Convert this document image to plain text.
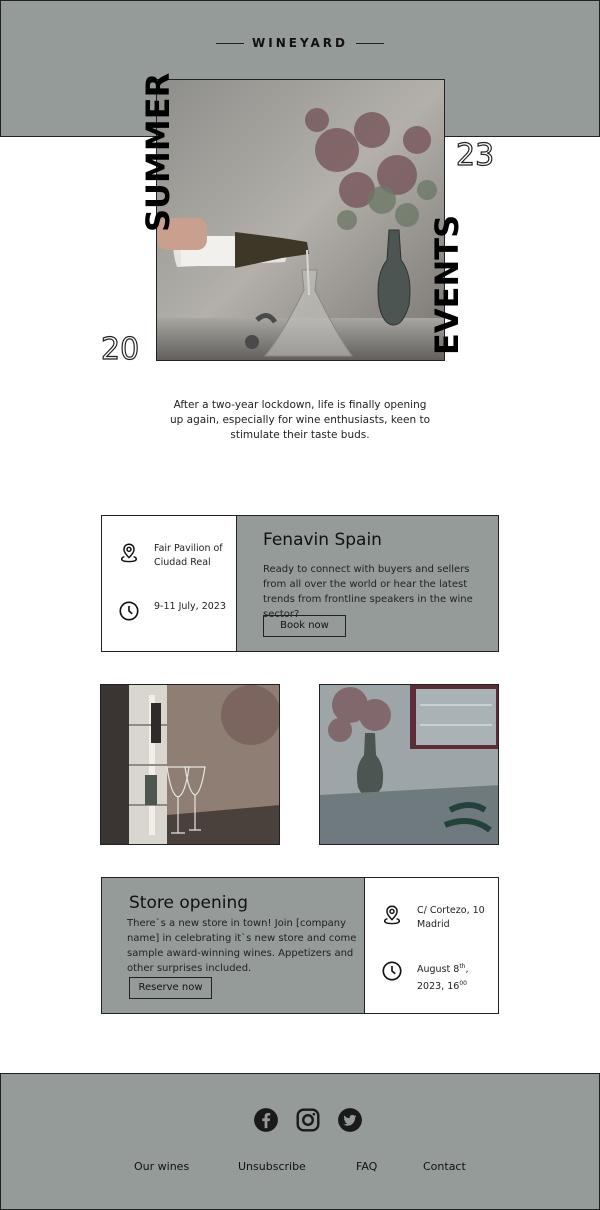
WINEYARD
SUMMER
EVENTS
23
20

After a two-year lockdown, life is finally opening up again, especially for wine enthusiasts, keen to stimulate their taste buds.

Fair Pavilion of Ciudad Real
9-11 July, 2023
Fenavin Spain
Ready to connect with buyers and sellers from all over the world or hear the latest trends from frontline speakers in the wine sector?
Book now
Store opening
There`s a new store in town! Join [company name] in celebrating it`s new store and come sample award-winning wines. Appetizers and other surprises included.
Reserve now
C/ Cortezo, 10 Madrid
August 8th,
2023, $16^{00}$
Our wines	Unsubscribe	FAQ	Contact
